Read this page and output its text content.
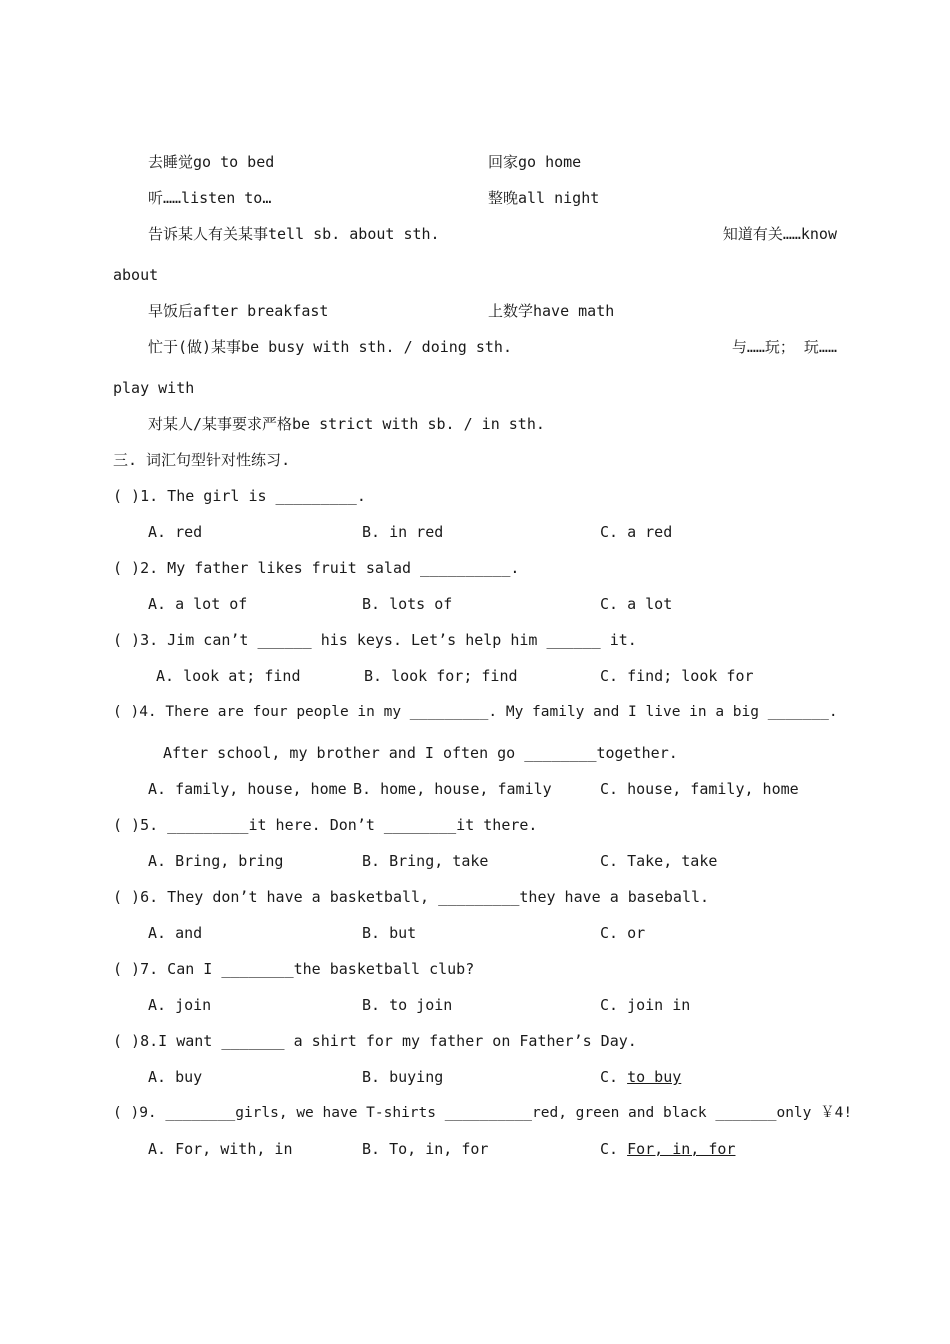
去睡觉go to bed	回家go home
听……listen to…	整晚all night
告诉某人有关某事tell sb. about sth.	知道有关……know
about
早饭后after breakfast	上数学have math
忙于(做)某事be busy with sth. / doing sth.	与……玩； 玩……
play with
对某人/某事要求严格be strict with sb. / in sth.
三. 词汇句型针对性练习.
( )1. The girl is _________.
A. red	B. in red	C. a red
( )2. My father likes fruit salad __________.
A. a lot of	B. lots of	C. a lot
( )3. Jim can’t ______ his keys. Let’s help him ______ it.
A. look at; find	B. look for; find	C. find; look for
( )4. There are four people in my _________. My family and I live in a big _______.
After school, my brother and I often go ________together.
A. family, house, home B. home, house, family	C. house, family, home
( )5. _________it here. Don’t ________it there.
A. Bring, bring	B. Bring, take	C. Take, take
( )6. They don’t have a basketball, _________they have a baseball.
A. and	B. but	C. or
( )7. Can I ________the basketball club?
A. join	B. to join	C. join in
( )8.I want _______ a shirt for my father on Father’s Day.
A. buy	B. buying	C. to buy
( )9. ________girls, we have T-shirts __________red, green and black _______only ￥4!
A. For, with, in	B. To, in, for	C. For, in, for
